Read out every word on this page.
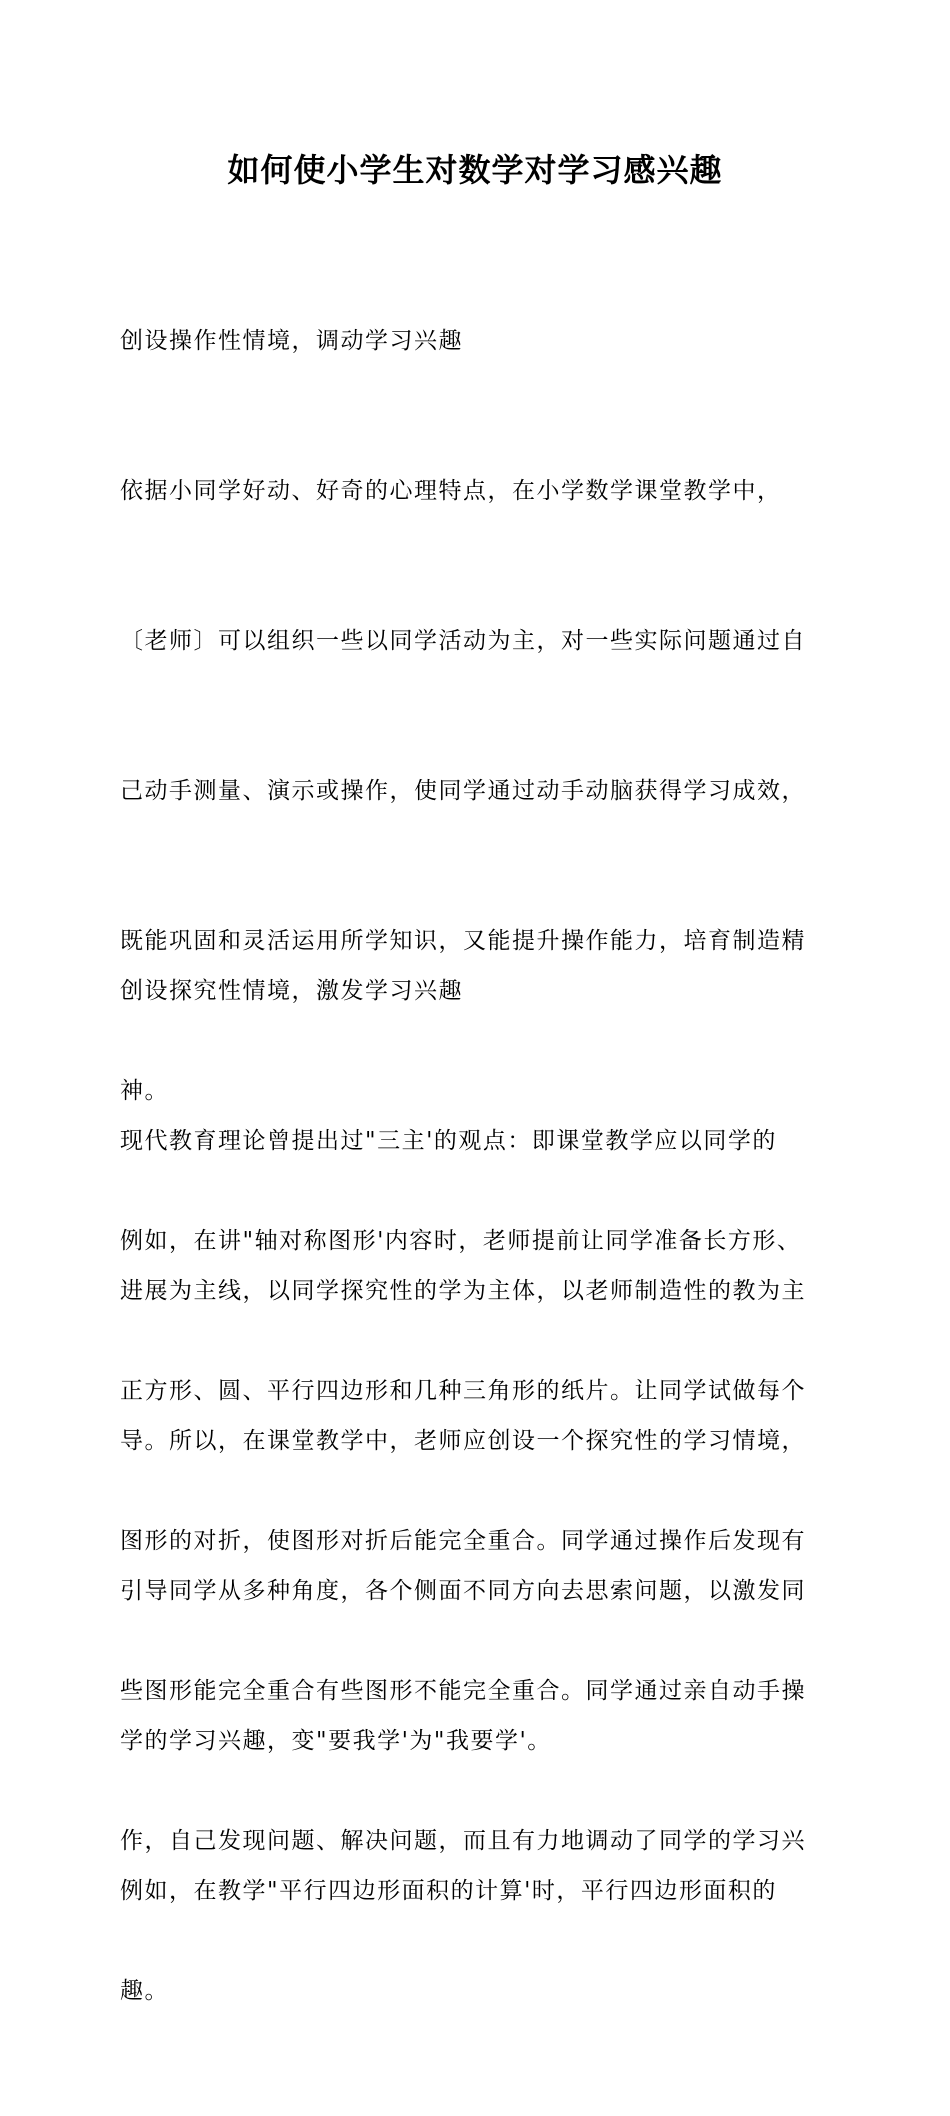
如何使小学生对数学对学习感兴趣

创设操作性情境，调动学习兴趣

依据小同学好动、好奇的心理特点，在小学数学课堂教学中，

〔老师〕可以组织一些以同学活动为主，对一些实际问题通过自

己动手测量、演示或操作，使同学通过动手动脑获得学习成效，

既能巩固和灵活运用所学知识，又能提升操作能力，培育制造精

神。

例如，在讲"轴对称图形'内容时，老师提前让同学准备长方形、

正方形、圆、平行四边形和几种三角形的纸片。让同学试做每个

图形的对折，使图形对折后能完全重合。同学通过操作后发现有

些图形能完全重合有些图形不能完全重合。同学通过亲自动手操

作，自己发现问题、解决问题，而且有力地调动了同学的学习兴

趣。

创设探究性情境，激发学习兴趣

现代教育理论曾提出过"三主'的观点：即课堂教学应以同学的

进展为主线，以同学探究性的学为主体，以老师制造性的教为主

导。所以，在课堂教学中，老师应创设一个探究性的学习情境，

引导同学从多种角度，各个侧面不同方向去思索问题，以激发同

学的学习兴趣，变"要我学'为"我要学'。

例如，在教学"平行四边形面积的计算'时，平行四边形面积的
